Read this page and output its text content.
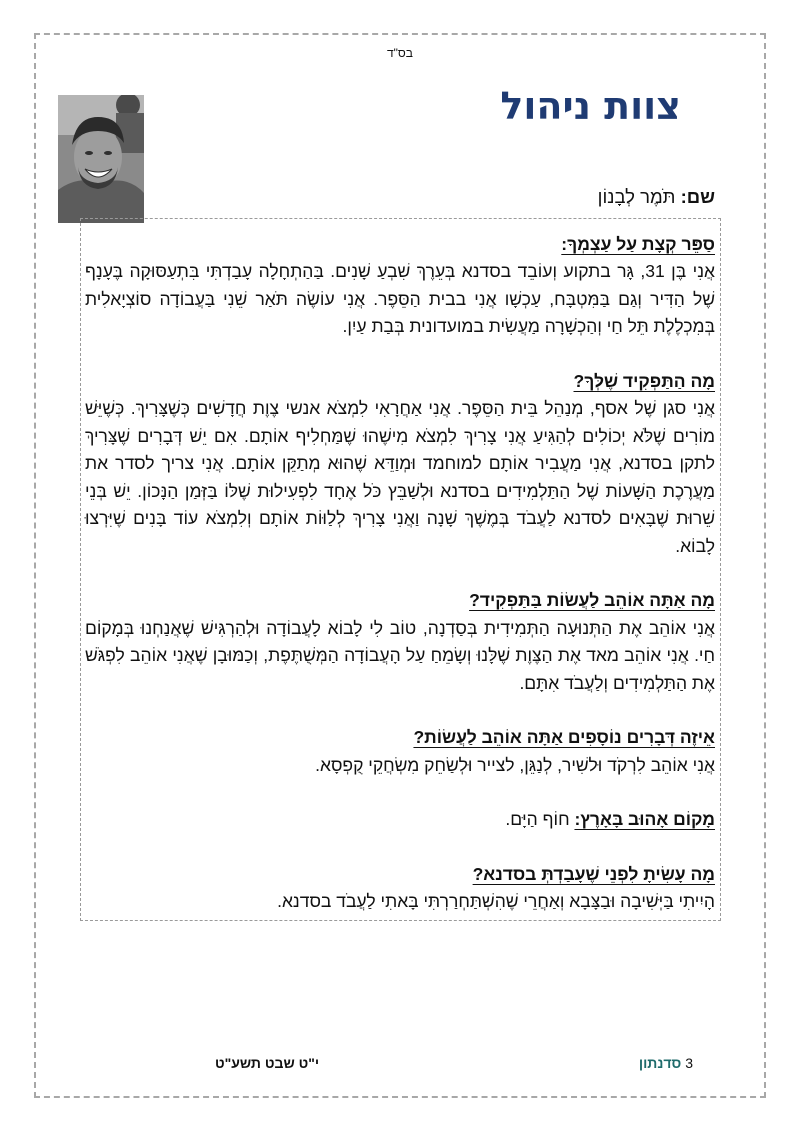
בס"ד
צוות ניהול

שם: תֹּמֶר לְבָנוֹן

סַפֵּר קְצָת עַל עַצְמְךָ:

אֲנִי בֶּן 31, גָּר בתקוע וְעוֹבֵד בסדנא בְּעֵרֶךְ שִׁבְעַ שָׁנִים. בַּהַתְחָלָה עָבַדְתִּי בִּתְעַסּוּקָה בֶּעָנָף שֶׁל הַדִּיר וְגַם בַּמִּטְבָּח, עַכְשָׁו אֲנִי בבית הַסֵּפֶר. אֲנִי עוֹשֶׂה תֹּאַר שֵׁנִי בַּעֲבוֹדָה סוֹצְיָאלִית בְּמִכְלֶלֶת תֵּל חַי וְהַכְשָׁרָה מַעֲשִׂית במועדונית בְּבַת עַיִן.

מָה הַתַּפְקִיד שֶׁלְּךָ?

אֲנִי סגן שֶׁל אסף, מְנַהֵל בֵּית הַסֵּפֶר. אֲנִי אַחֲרָאִי לִמְצֹא אנשי צֶוֶת חֲדָשִׁים כְּשֶׁצָּרִיךְ. כְּשֶׁיֵּשׁ מוֹרִים שֶׁלֹּא יְכוֹלִים לְהַגִּיעַ אֲנִי צָרִיךְ לִמְצֹא מִישֶׁהוּ שֶׁמַּחְלִיף אוֹתָם. אִם יֵשׁ דְּבָרִים שֶׁצָּרִיךְ לתקן בסדנא, אֲנִי מַעֲבִיר אוֹתָם למוחמד וּמְוַדֵּא שֶׁהוּא מְתַקֵּן אוֹתָם. אֲנִי צריך לסדר את מַעֲרֶכֶת הַשָּׁעוֹת שֶׁל הַתַּלְמִידִים בסדנא וּלְשַׁבֵּץ כֹּל אֶחָד לִפְעִילוּת שֶׁלּוֹ בַּזְּמַן הַנָּכוֹן. יֵשׁ בְּנֵי שֵׁרוּת שֶׁבָּאִים לסדנא לַעֲבֹד בְּמֶשֶׁךְ שָׁנָה וַאֲנִי צָרִיךְ לְלַוּוֹת אוֹתָם וְלִמְצֹא עוֹד בָּנִים שֶׁיִּרְצוּ לָבוֹא.

מָה אַתָּה אוֹהֵב לַעֲשׂוֹת בַּתַּפְקִיד?

אֲנִי אוֹהֵב אֶת הַתְּנוּעָה הַתְּמִידִית בְּסַדְנָה, טוֹב לִי לָבוֹא לָעֲבוֹדָה וּלְהַרְגִּישׁ שֶׁאֲנַחְנוּ בְּמָקוֹם חַי. אֲנִי אוֹהֵב מאד אֶת הַצֶּוֶת שֶׁלָּנוּ וְשָׂמֵחַ עַל הָעֲבוֹדָה הַמְּשֻׁתֶּפֶת, וְכַמּוּבָן שֶׁאֲנִי אוֹהֵב לִפְגֹּשׁ אֶת הַתַּלְמִידִים וְלַעֲבֹד אִתָּם.

אֵיזֶה דְּבָרִים נוֹסָפִים אַתָּה אוֹהֵב לַעֲשׂוֹת?

אֲנִי אוֹהֵב לִרְקֹד וּלשִׁיר, לְנַגֵּן, לצייר וּלְשַׂחֵק מִשְׂחֲקֵי קֻפְסָא.

מָקוֹם אָהוּב בָּאָרֶץ: חוֹף הַיָּם.

מָה עָשִׂיתָ לִפְנֵי שֶׁעָבַדְתְּ בסדנא?

הָיִיתִי בַּיְּשִׁיבָה וּבַצָּבָא וְאַחֲרֵי שֶׁהִשְׁתַּחְרַרְתִּי בָּאתִי לַעֲבֹד בסדנא.

3 סדנתון
י"ט שבט תשע"ט
